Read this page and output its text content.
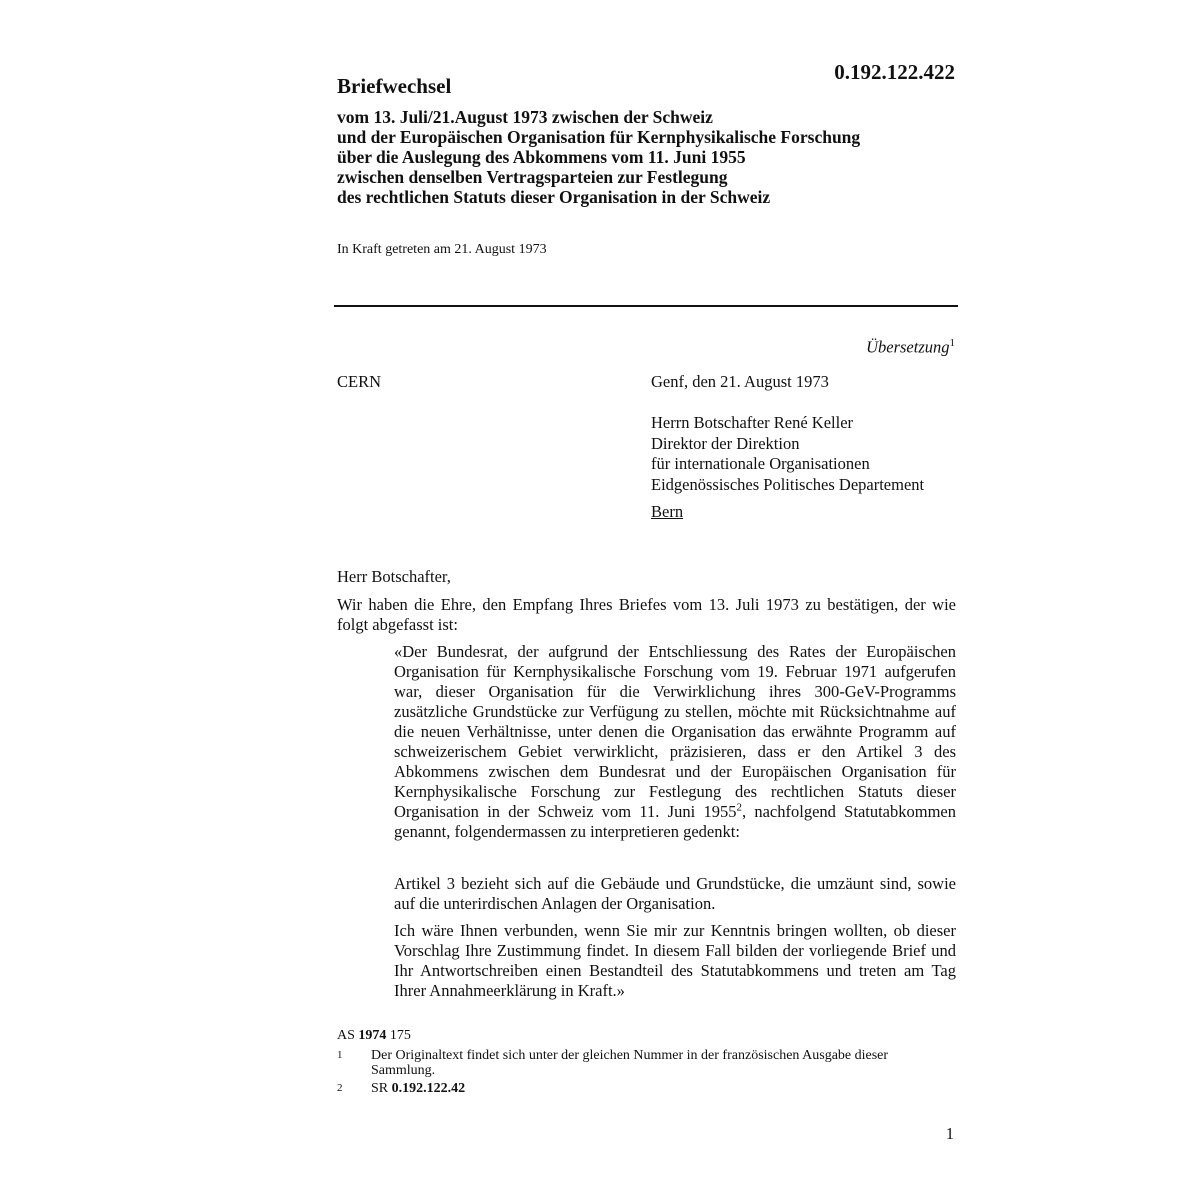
0.192.122.422
Briefwechsel
vom 13. Juli/21.August 1973 zwischen der Schweiz
und der Europäischen Organisation für Kernphysikalische Forschung
über die Auslegung des Abkommens vom 11. Juni 1955
zwischen denselben Vertragsparteien zur Festlegung
des rechtlichen Statuts dieser Organisation in der Schweiz
In Kraft getreten am 21. August 1973
Übersetzung$^1$
CERN	Genf, den 21. August 1973
Herrn Botschafter René Keller
Direktor der Direktion
für internationale Organisationen
Eidgenössisches Politisches Departement
Bern
Herr Botschafter,

Wir haben die Ehre, den Empfang Ihres Briefes vom 13. Juli 1973 zu bestätigen, der wie folgt abgefasst ist:

«Der Bundesrat, der aufgrund der Entschliessung des Rates der Europäischen Organisation für Kernphysikalische Forschung vom 19. Februar 1971 aufgerufen war, dieser Organisation für die Verwirklichung ihres 300-GeV-Programms zusätzliche Grundstücke zur Verfügung zu stellen, möchte mit Rücksichtnahme auf die neuen Verhältnisse, unter denen die Organisation das erwähnte Programm auf schweizerischem Gebiet verwirklicht, präzisieren, dass er den Artikel 3 des Abkommens zwischen dem Bundesrat und der Europäischen Organisation für Kernphysikalische Forschung zur Festlegung des rechtlichen Statuts dieser Organisation in der Schweiz vom 11. Juni 1955$^2$, nachfolgend Statutabkommen genannt, folgendermassen zu interpretieren gedenkt:

Artikel 3 bezieht sich auf die Gebäude und Grundstücke, die umzäunt sind, sowie auf die unterirdischen Anlagen der Organisation.

Ich wäre Ihnen verbunden, wenn Sie mir zur Kenntnis bringen wollten, ob dieser Vorschlag Ihre Zustimmung findet. In diesem Fall bilden der vorliegende Brief und Ihr Antwortschreiben einen Bestandteil des Statutabkommens und treten am Tag Ihrer Annahmeerklärung in Kraft.»

AS 1974 175
1 Der Originaltext findet sich unter der gleichen Nummer in der französischen Ausgabe dieser Sammlung.
2 SR 0.192.122.42
1
